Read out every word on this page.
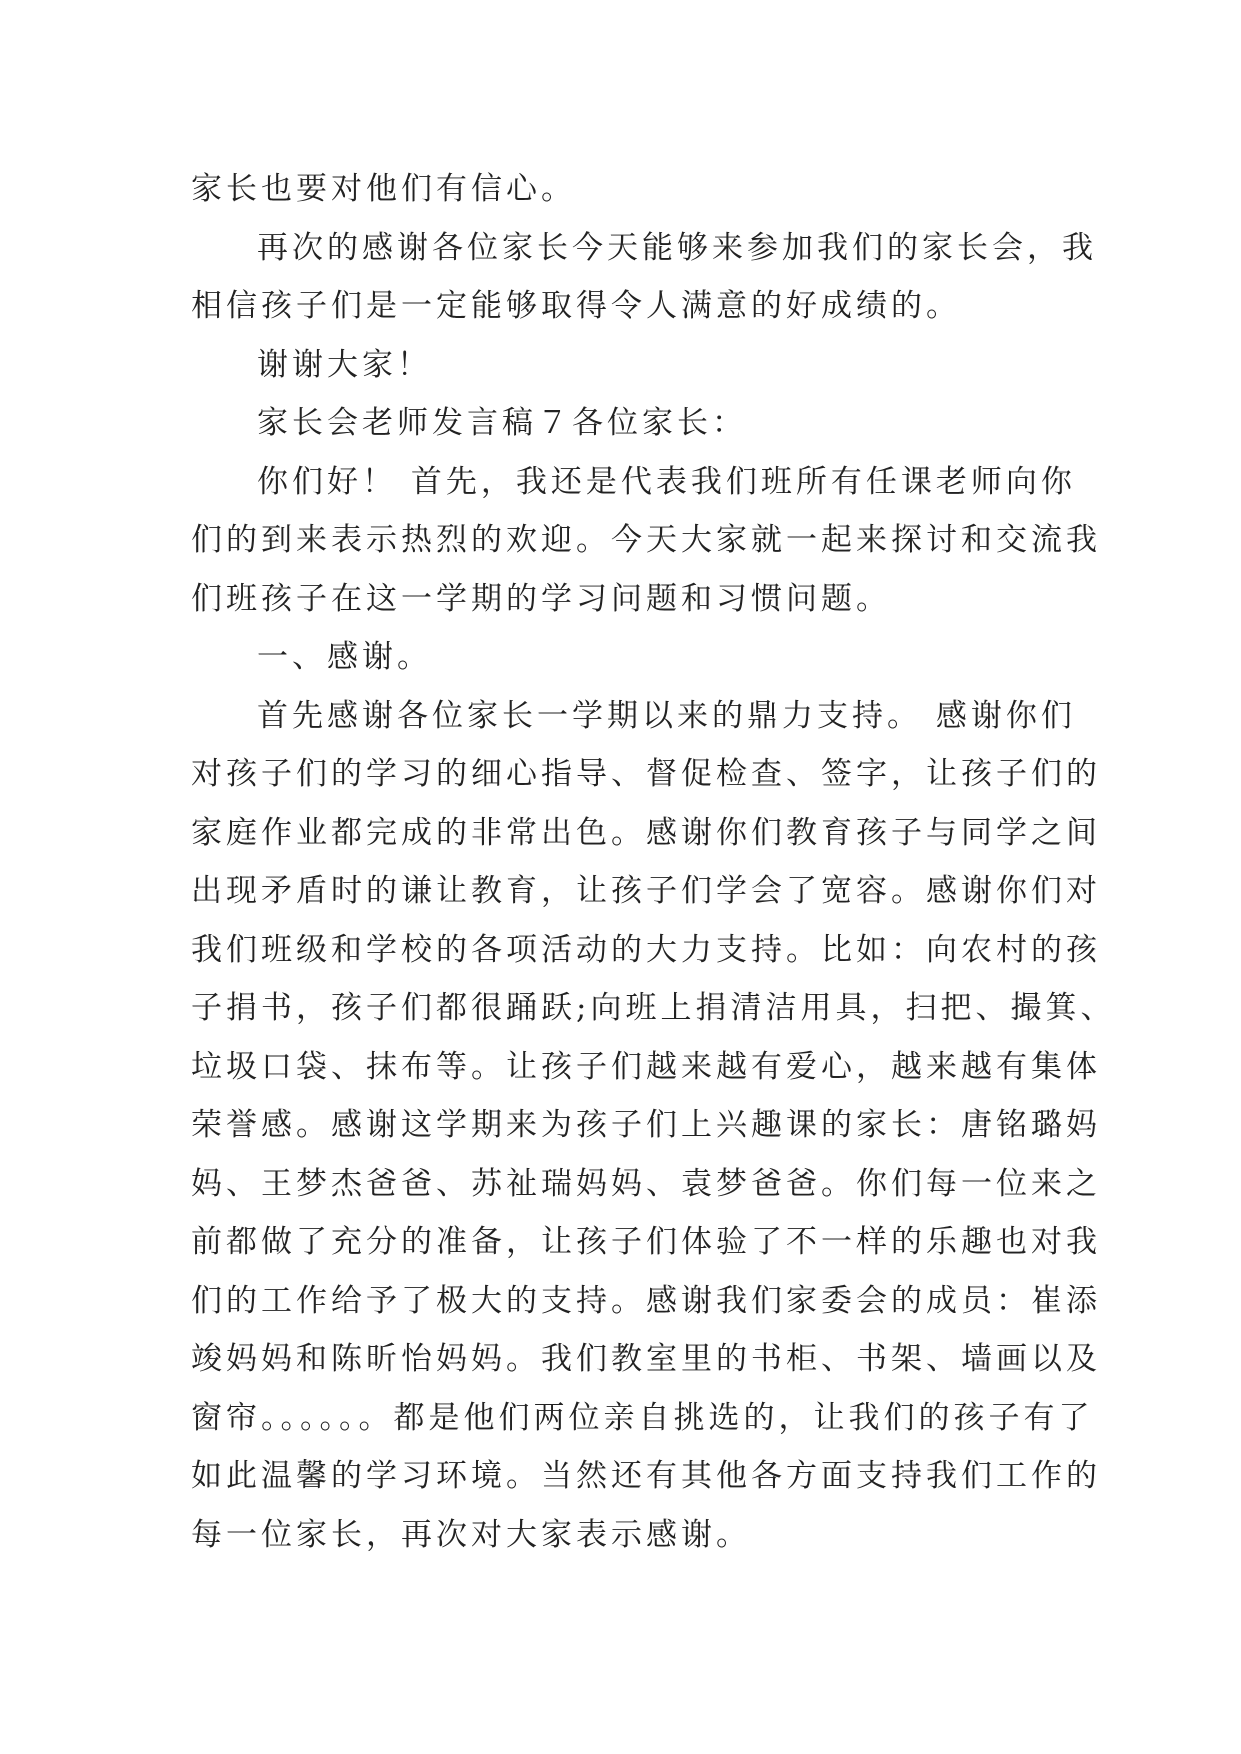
家长也要对他们有信心。
再次的感谢各位家长今天能够来参加我们的家长会，我
相信孩子们是一定能够取得令人满意的好成绩的。
谢谢大家！
家长会老师发言稿７各位家长：
你们好！ 首先，我还是代表我们班所有任课老师向你
们的到来表示热烈的欢迎。今天大家就一起来探讨和交流我
们班孩子在这一学期的学习问题和习惯问题。
一、感谢。
首先感谢各位家长一学期以来的鼎力支持。 感谢你们
对孩子们的学习的细心指导、督促检查、签字，让孩子们的
家庭作业都完成的非常出色。感谢你们教育孩子与同学之间
出现矛盾时的谦让教育，让孩子们学会了宽容。感谢你们对
我们班级和学校的各项活动的大力支持。比如：向农村的孩
子捐书，孩子们都很踊跃;向班上捐清洁用具，扫把、撮箕、
垃圾口袋、抹布等。让孩子们越来越有爱心，越来越有集体
荣誉感。感谢这学期来为孩子们上兴趣课的家长：唐铭璐妈
妈、王梦杰爸爸、苏祉瑞妈妈、袁梦爸爸。你们每一位来之
前都做了充分的准备，让孩子们体验了不一样的乐趣也对我
们的工作给予了极大的支持。感谢我们家委会的成员：崔添
竣妈妈和陈昕怡妈妈。我们教室里的书柜、书架、墙画以及
窗帘。。。。。。都是他们两位亲自挑选的，让我们的孩子有了
如此温馨的学习环境。当然还有其他各方面支持我们工作的
每一位家长，再次对大家表示感谢。
